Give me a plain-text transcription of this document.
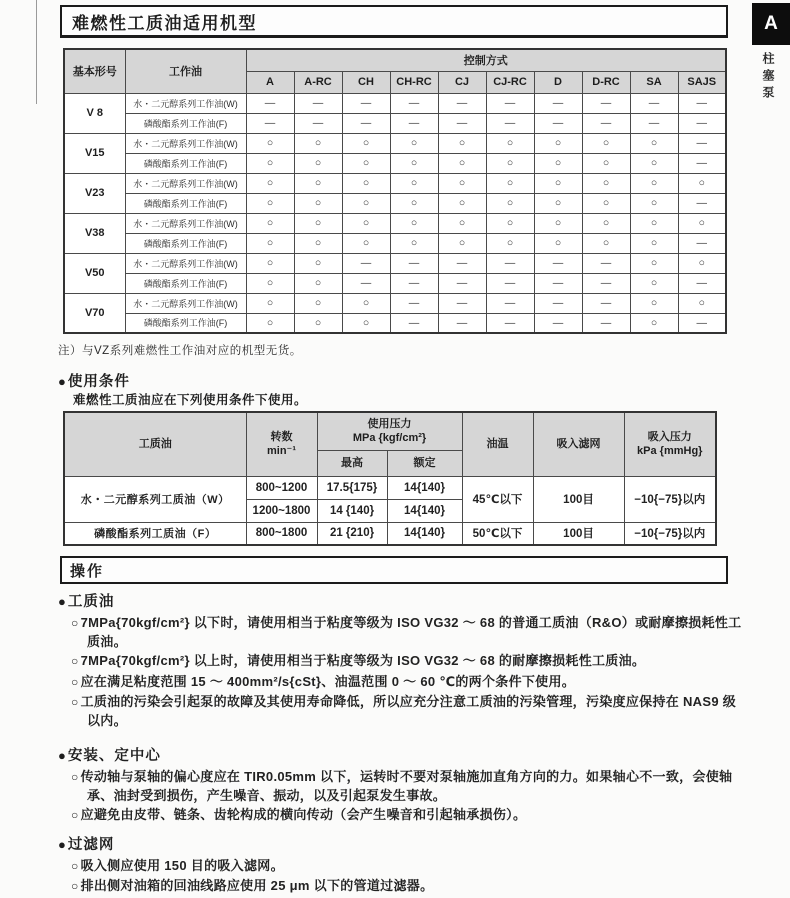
难燃性工质油适用机型	A
柱塞泵
基本形号	工作油	控制方式									
		A	A-RC	CH	CH-RC	CJ	CJ-RC	D	D-RC	SA	SAJS
V 8	水・二元醇系列工作油(W)	—	—	—	—	—	—	—	—	—	—
	磷酸酯系列工作油(F)	—	—	—	—	—	—	—	—	—	—
V15	水・二元醇系列工作油(W)	○	○	○	○	○	○	○	○	○	—
	磷酸酯系列工作油(F)	○	○	○	○	○	○	○	○	○	—
V23	水・二元醇系列工作油(W)	○	○	○	○	○	○	○	○	○	○
	磷酸酯系列工作油(F)	○	○	○	○	○	○	○	○	○	—
V38	水・二元醇系列工作油(W)	○	○	○	○	○	○	○	○	○	○
	磷酸酯系列工作油(F)	○	○	○	○	○	○	○	○	○	—
V50	水・二元醇系列工作油(W)	○	○	—	—	—	—	—	—	○	○
	磷酸酯系列工作油(F)	○	○	—	—	—	—	—	—	○	—
V70	水・二元醇系列工作油(W)	○	○	○	—	—	—	—	—	○	○
	磷酸酯系列工作油(F)	○	○	○	—	—	—	—	—	○	—
注）与VZ系列难燃性工作油对应的机型无货。
●使用条件
难燃性工质油应在下列使用条件下使用。
工质油	转数
min⁻¹	使用压力
MPa {kgf/cm²}		油温	吸入滤网	吸入压力
kPa {mmHg}
		最高	额定			
水・二元醇系列工质油（W）	800~1200	17.5{175}	14{140}	45℃以下	100目	−10{−75}以内
	1200~1800	14 {140}	14{140}			
磷酸酯系列工质油（F）	800~1800	21 {210}	14{140}	50℃以下	100目	−10{−75}以内
操作
●工质油
○ 7MPa{70kgf/cm²} 以下时，请使用相当于粘度等级为 ISO VG32 ～ 68 的普通工质油（R&O）或耐摩擦损耗性工质油。
○ 7MPa{70kgf/cm²} 以上时，请使用相当于粘度等级为 ISO VG32 ～ 68 的耐摩擦损耗性工质油。
○ 应在满足粘度范围 15 ～ 400mm²/s{cSt}、油温范围 0 ～ 60 ℃的两个条件下使用。
○ 工质油的污染会引起泵的故障及其使用寿命降低，所以应充分注意工质油的污染管理，污染度应保持在 NAS9 级以内。
●安装、定中心
○ 传动轴与泵轴的偏心度应在 TIR0.05mm 以下，运转时不要对泵轴施加直角方向的力。如果轴心不一致，会使轴承、油封受到损伤，产生噪音、振动，以及引起泵发生事故。
○ 应避免由皮带、链条、齿轮构成的横向传动（会产生噪音和引起轴承损伤）。
●过滤网
○ 吸入侧应使用 150 目的吸入滤网。
○ 排出侧对油箱的回油线路应使用 25 μm 以下的管道过滤器。
